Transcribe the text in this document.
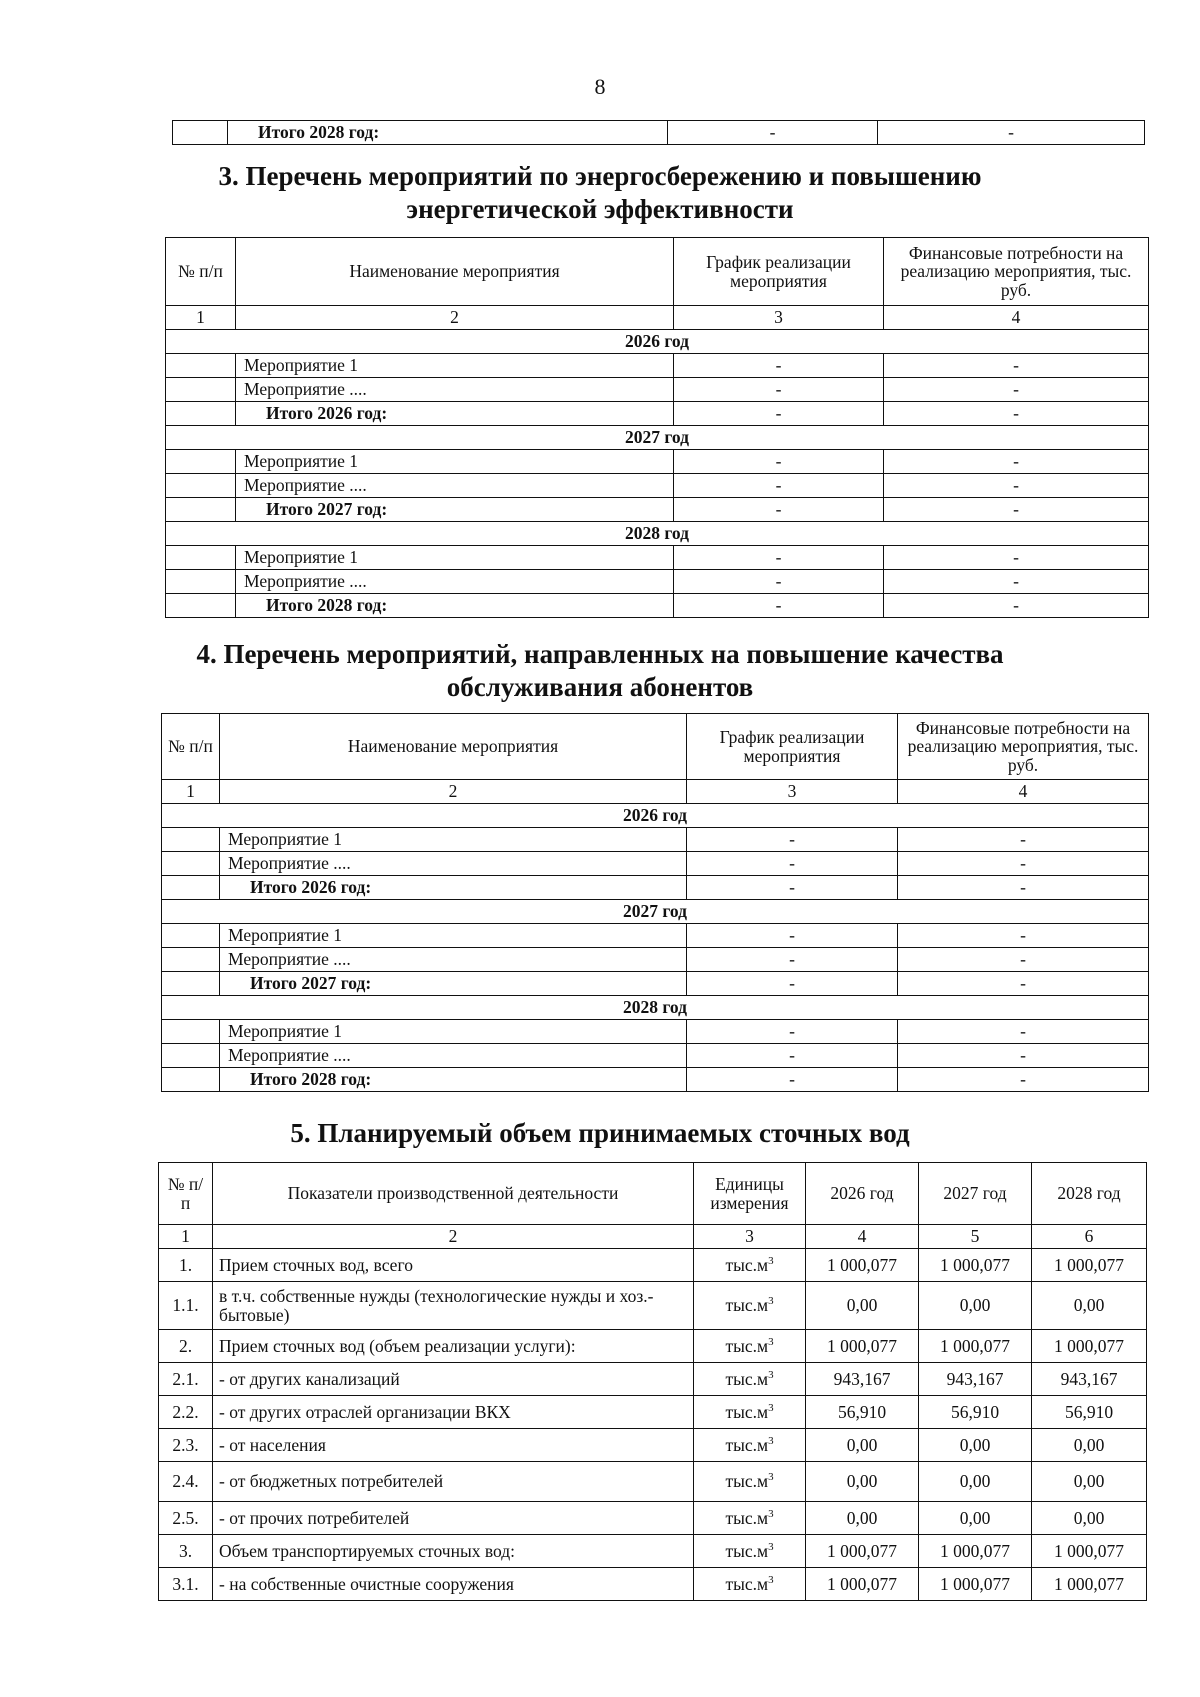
8
	Итого 2028 год:	-	-
3. Перечень мероприятий по энергосбережению и повышению
энергетической эффективности
№ п/п	Наименование мероприятия	График реализации мероприятия	Финансовые потребности на реализацию мероприятия, тыс. руб.
1	2	3	4
2026 год			
	Мероприятие 1	-	-
	Мероприятие ....	-	-
	Итого 2026 год:	-	-
2027 год			
	Мероприятие 1	-	-
	Мероприятие ....	-	-
	Итого 2027 год:	-	-
2028 год			
	Мероприятие 1	-	-
	Мероприятие ....	-	-
	Итого 2028 год:	-	-
4. Перечень мероприятий, направленных на повышение качества
обслуживания абонентов
№ п/п	Наименование мероприятия	График реализации мероприятия	Финансовые потребности на реализацию мероприятия, тыс. руб.
1	2	3	4
2026 год			
	Мероприятие 1	-	-
	Мероприятие ....	-	-
	Итого 2026 год:	-	-
2027 год			
	Мероприятие 1	-	-
	Мероприятие ....	-	-
	Итого 2027 год:	-	-
2028 год			
	Мероприятие 1	-	-
	Мероприятие ....	-	-
	Итого 2028 год:	-	-
5. Планируемый объем принимаемых сточных вод
№ п/п	Показатели производственной деятельности	Единицы измерения	2026 год	2027 год	2028 год
1	2	3	4	5	6
1.	Прием сточных вод, всего	$тыс.м^3$	1 000,077	1 000,077	1 000,077
1.1.	в т.ч. собственные нужды (технологические нужды и хоз.-бытовые)	$тыс.м^3$	0,00	0,00	0,00
2.	Прием сточных вод (объем реализации услуги):	$тыс.м^3$	1 000,077	1 000,077	1 000,077
2.1.	- от других канализаций	$тыс.м^3$	943,167	943,167	943,167
2.2.	- от других отраслей организации ВКХ	$тыс.м^3$	56,910	56,910	56,910
2.3.	- от населения	$тыс.м^3$	0,00	0,00	0,00
2.4.	- от бюджетных потребителей	$тыс.м^3$	0,00	0,00	0,00
2.5.	- от прочих потребителей	$тыс.м^3$	0,00	0,00	0,00
3.	Объем транспортируемых сточных вод:	$тыс.м^3$	1 000,077	1 000,077	1 000,077
3.1.	- на собственные очистные сооружения	$тыс.м^3$	1 000,077	1 000,077	1 000,077
